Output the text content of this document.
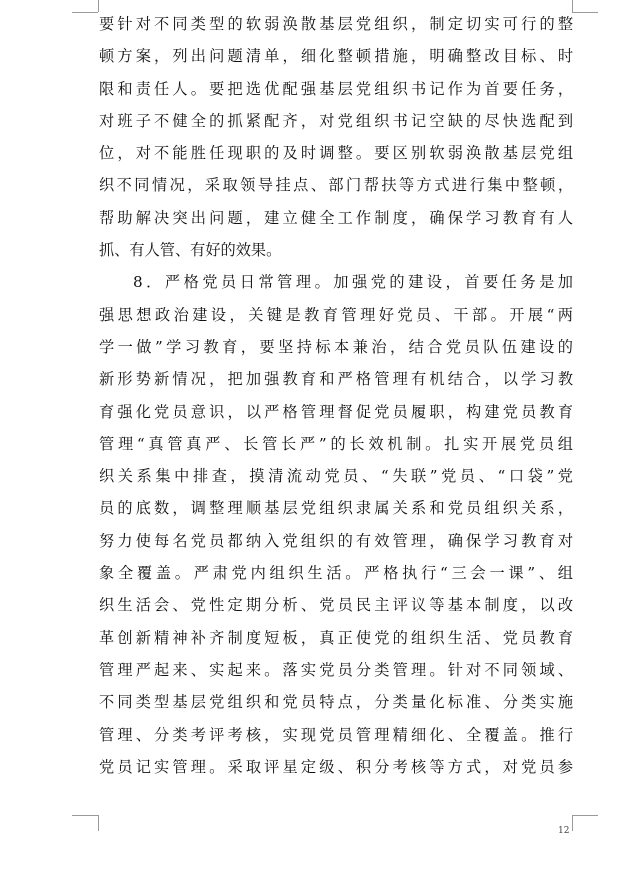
要针对不同类型的软弱涣散基层党组织，制定切实可行的整
顿方案，列出问题清单，细化整顿措施，明确整改目标、时
限和责任人。要把选优配强基层党组织书记作为首要任务，
对班子不健全的抓紧配齐，对党组织书记空缺的尽快选配到
位，对不能胜任现职的及时调整。要区别软弱涣散基层党组
织不同情况，采取领导挂点、部门帮扶等方式进行集中整顿，
帮助解决突出问题，建立健全工作制度，确保学习教育有人
抓、有人管、有好的效果。
8．严格党员日常管理。加强党的建设，首要任务是加
强思想政治建设，关键是教育管理好党员、干部。开展“两
学一做”学习教育，要坚持标本兼治，结合党员队伍建设的
新形势新情况，把加强教育和严格管理有机结合，以学习教
育强化党员意识，以严格管理督促党员履职，构建党员教育
管理“真管真严、长管长严”的长效机制。扎实开展党员组
织关系集中排查，摸清流动党员、“失联”党员、“口袋”党
员的底数，调整理顺基层党组织隶属关系和党员组织关系，
努力使每名党员都纳入党组织的有效管理，确保学习教育对
象全覆盖。严肃党内组织生活。严格执行“三会一课”、组
织生活会、党性定期分析、党员民主评议等基本制度，以改
革创新精神补齐制度短板，真正使党的组织生活、党员教育
管理严起来、实起来。落实党员分类管理。针对不同领域、
不同类型基层党组织和党员特点，分类量化标准、分类实施
管理、分类考评考核，实现党员管理精细化、全覆盖。推行
党员记实管理。采取评星定级、积分考核等方式，对党员参
12
